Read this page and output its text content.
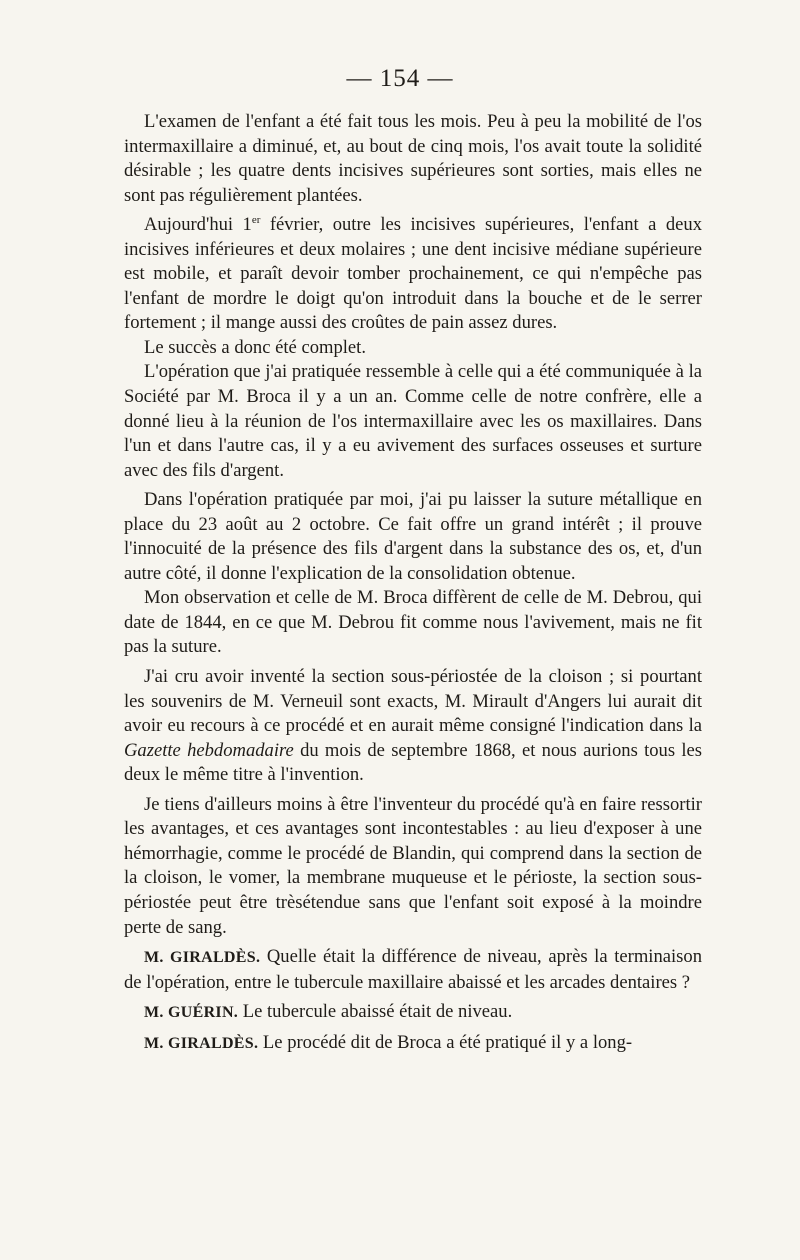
— 154 —

L'examen de l'enfant a été fait tous les mois. Peu à peu la mobilité de l'os intermaxillaire a diminué, et, au bout de cinq mois, l'os avait toute la solidité désirable ; les quatre dents incisives supérieures sont sorties, mais elles ne sont pas régulièrement plantées.

Aujourd'hui 1er février, outre les incisives supérieures, l'enfant a deux incisives inférieures et deux molaires ; une dent incisive médiane supérieure est mobile, et paraît devoir tomber prochainement, ce qui n'empêche pas l'enfant de mordre le doigt qu'on introduit dans la bouche et de le serrer fortement ; il mange aussi des croûtes de pain assez dures.

Le succès a donc été complet.

L'opération que j'ai pratiquée ressemble à celle qui a été communiquée à la Société par M. Broca il y a un an. Comme celle de notre confrère, elle a donné lieu à la réunion de l'os intermaxillaire avec les os maxillaires. Dans l'un et dans l'autre cas, il y a eu avivement des surfaces osseuses et surture avec des fils d'argent.

Dans l'opération pratiquée par moi, j'ai pu laisser la suture métallique en place du 23 août au 2 octobre. Ce fait offre un grand intérêt ; il prouve l'innocuité de la présence des fils d'argent dans la substance des os, et, d'un autre côté, il donne l'explication de la consolidation obtenue.

Mon observation et celle de M. Broca diffèrent de celle de M. Debrou, qui date de 1844, en ce que M. Debrou fit comme nous l'avivement, mais ne fit pas la suture.

J'ai cru avoir inventé la section sous-périostée de la cloison ; si pourtant les souvenirs de M. Verneuil sont exacts, M. Mirault d'Angers lui aurait dit avoir eu recours à ce procédé et en aurait même consigné l'indication dans la Gazette hebdomadaire du mois de septembre 1868, et nous aurions tous les deux le même titre à l'invention.

Je tiens d'ailleurs moins à être l'inventeur du procédé qu'à en faire ressortir les avantages, et ces avantages sont incontestables : au lieu d'exposer à une hémorrhagie, comme le procédé de Blandin, qui comprend dans la section de la cloison, le vomer, la membrane muqueuse et le périoste, la section sous-périostée peut être trèsétendue sans que l'enfant soit exposé à la moindre perte de sang.

M. GIRALDÈS. Quelle était la différence de niveau, après la terminaison de l'opération, entre le tubercule maxillaire abaissé et les arcades dentaires ?

M. GUÉRIN. Le tubercule abaissé était de niveau.

M. GIRALDÈS. Le procédé dit de Broca a été pratiqué il y a long-
